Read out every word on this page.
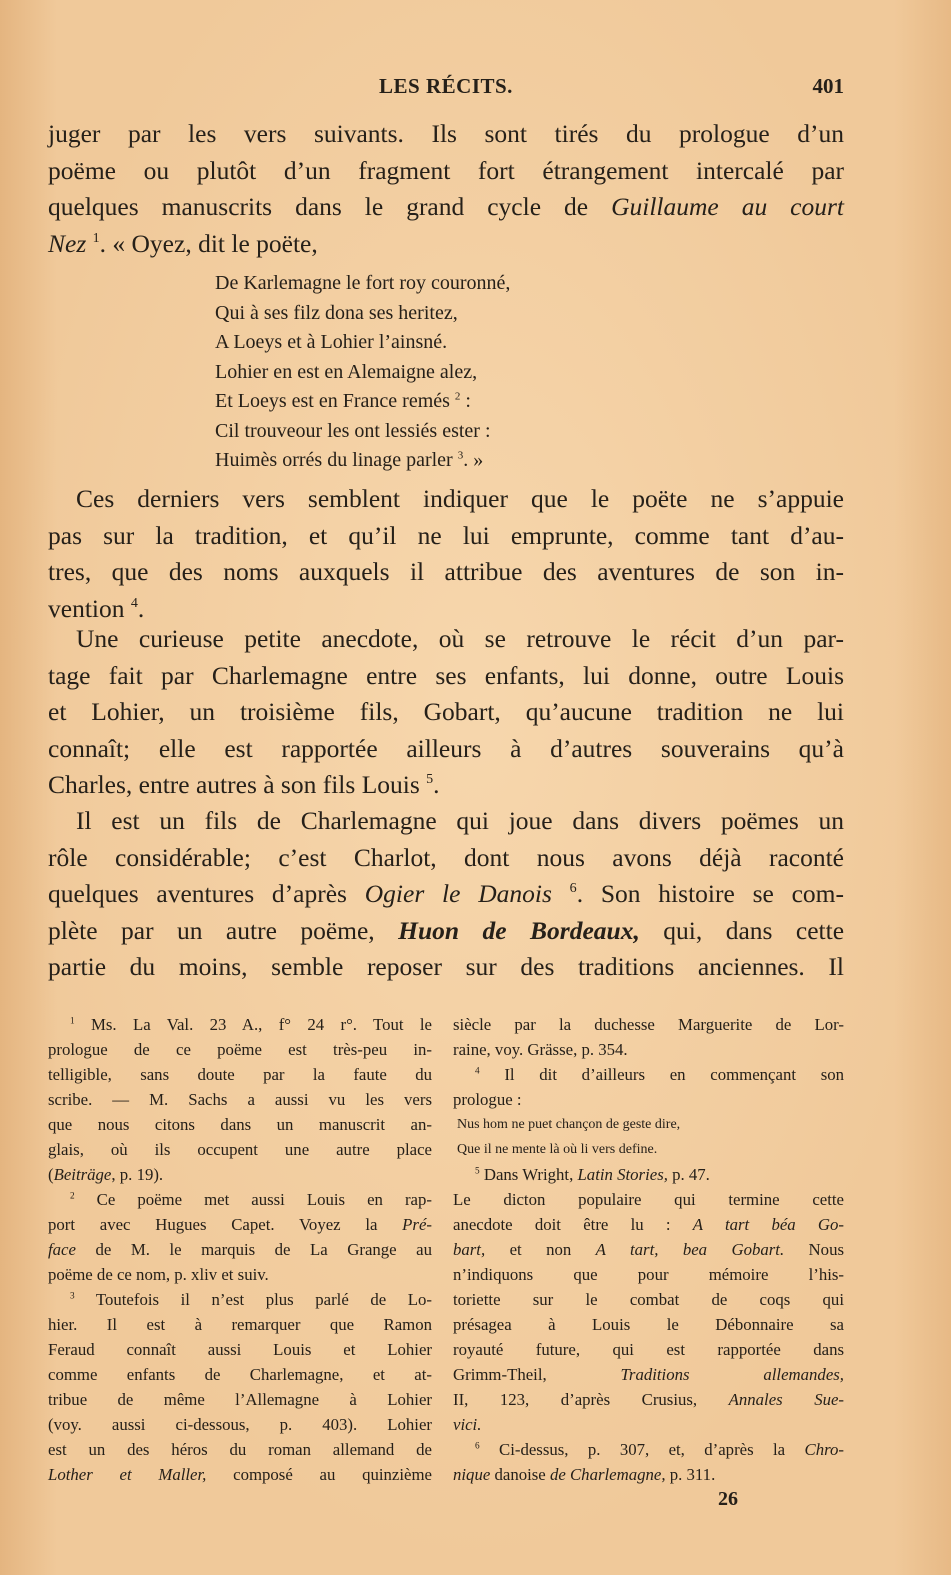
LES RÉCITS.	401
juger par les vers suivants. Ils sont tirés du prologue d’un
poëme ou plutôt d’un fragment fort étrangement intercalé par
quelques manuscrits dans le grand cycle de Guillaume au court
Nez $^1$. « Oyez, dit le poëte,
De Karlemagne le fort roy couronné,
Qui à ses filz dona ses heritez,
A Loeys et à Lohier l’ainsné.
Lohier en est en Alemaigne alez,
Et Loeys est en France remés $^2$ :
Cil trouveour les ont lessiés ester :
Huimès orrés du linage parler $^3$. »
Ces derniers vers semblent indiquer que le poëte ne s’appuie
pas sur la tradition, et qu’il ne lui emprunte, comme tant d’au-
tres, que des noms auxquels il attribue des aventures de son in-
vention $^4$.
Une curieuse petite anecdote, où se retrouve le récit d’un par-
tage fait par Charlemagne entre ses enfants, lui donne, outre Louis
et Lohier, un troisième fils, Gobart, qu’aucune tradition ne lui
connaît; elle est rapportée ailleurs à d’autres souverains qu’à
Charles, entre autres à son fils Louis $^5$.
Il est un fils de Charlemagne qui joue dans divers poëmes un
rôle considérable; c’est Charlot, dont nous avons déjà raconté
quelques aventures d’après Ogier le Danois $^6$. Son histoire se com-
plète par un autre poëme, Huon de Bordeaux, qui, dans cette
partie du moins, semble reposer sur des traditions anciennes. Il
$^1$ Ms. La Val. 23 A., f° 24 r°. Tout le
prologue de ce poëme est très-peu in-
telligible, sans doute par la faute du
scribe. — M. Sachs a aussi vu les vers
que nous citons dans un manuscrit an-
glais, où ils occupent une autre place
(Beiträge, p. 19).
$^2$ Ce poëme met aussi Louis en rap-
port avec Hugues Capet. Voyez la Pré-
face de M. le marquis de La Grange au
poëme de ce nom, p. xliv et suiv.
$^3$ Toutefois il n’est plus parlé de Lo-
hier. Il est à remarquer que Ramon
Feraud connaît aussi Louis et Lohier
comme enfants de Charlemagne, et at-
tribue de même l’Allemagne à Lohier
(voy. aussi ci-dessous, p. 403). Lohier
est un des héros du roman allemand de
Lother et Maller, composé au quinzième
siècle par la duchesse Marguerite de Lor-
raine, voy. Grässe, p. 354.
$^4$ Il dit d’ailleurs en commençant son
prologue :
Nus hom ne puet chançon de geste dire,
Que il ne mente là où li vers define.
$^5$ Dans Wright, Latin Stories, p. 47.
Le dicton populaire qui termine cette
anecdote doit être lu : A tart béa Go-
bart, et non A tart, bea Gobart. Nous
n’indiquons que pour mémoire l’his-
toriette sur le combat de coqs qui
présagea à Louis le Débonnaire sa
royauté future, qui est rapportée dans
Grimm-Theil, Traditions allemandes,
II, 123, d’après Crusius, Annales Sue-
vici.
$^6$ Ci-dessus, p. 307, et, d’après la Chro-
nique danoise de Charlemagne, p. 311.
26
